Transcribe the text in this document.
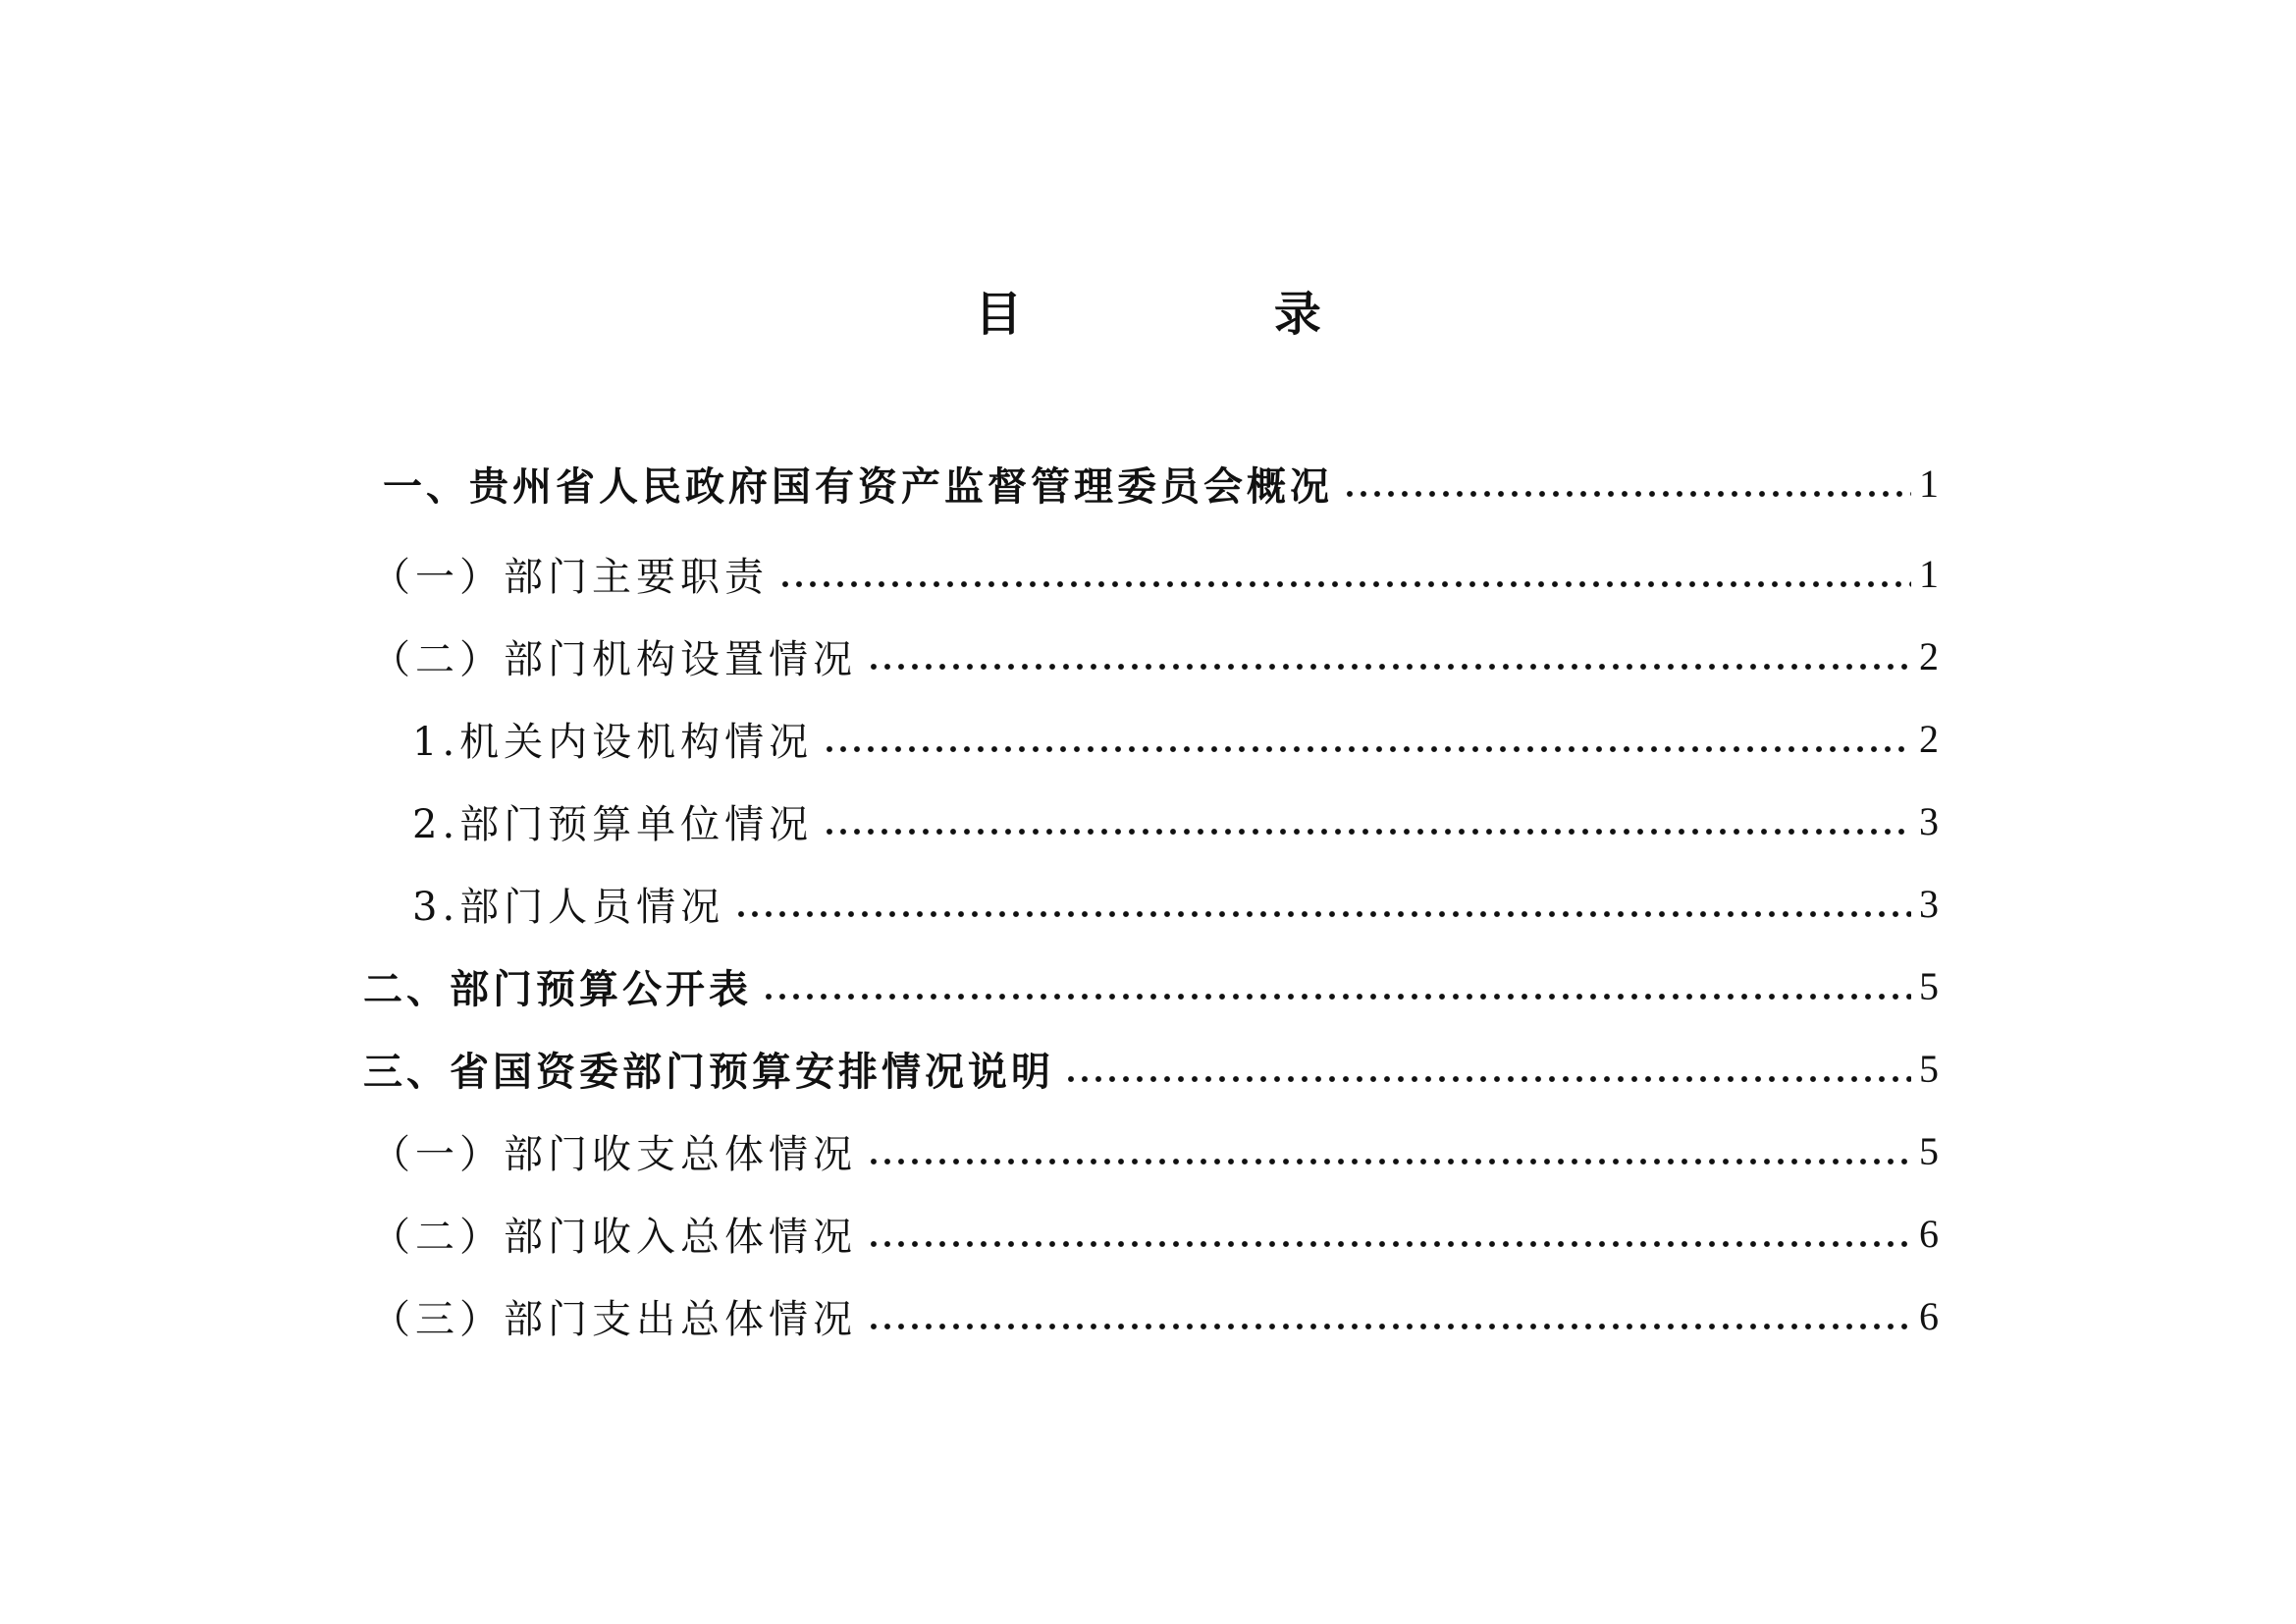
目 录
一、贵州省人民政府国有资产监督管理委员会概况	1
（一）部门主要职责	1
（二）部门机构设置情况	2
1.机关内设机构情况	2
2.部门预算单位情况	3
3.部门人员情况	3
二、部门预算公开表	5
三、省国资委部门预算安排情况说明	5
（一）部门收支总体情况	5
（二）部门收入总体情况	6
（三）部门支出总体情况	6
